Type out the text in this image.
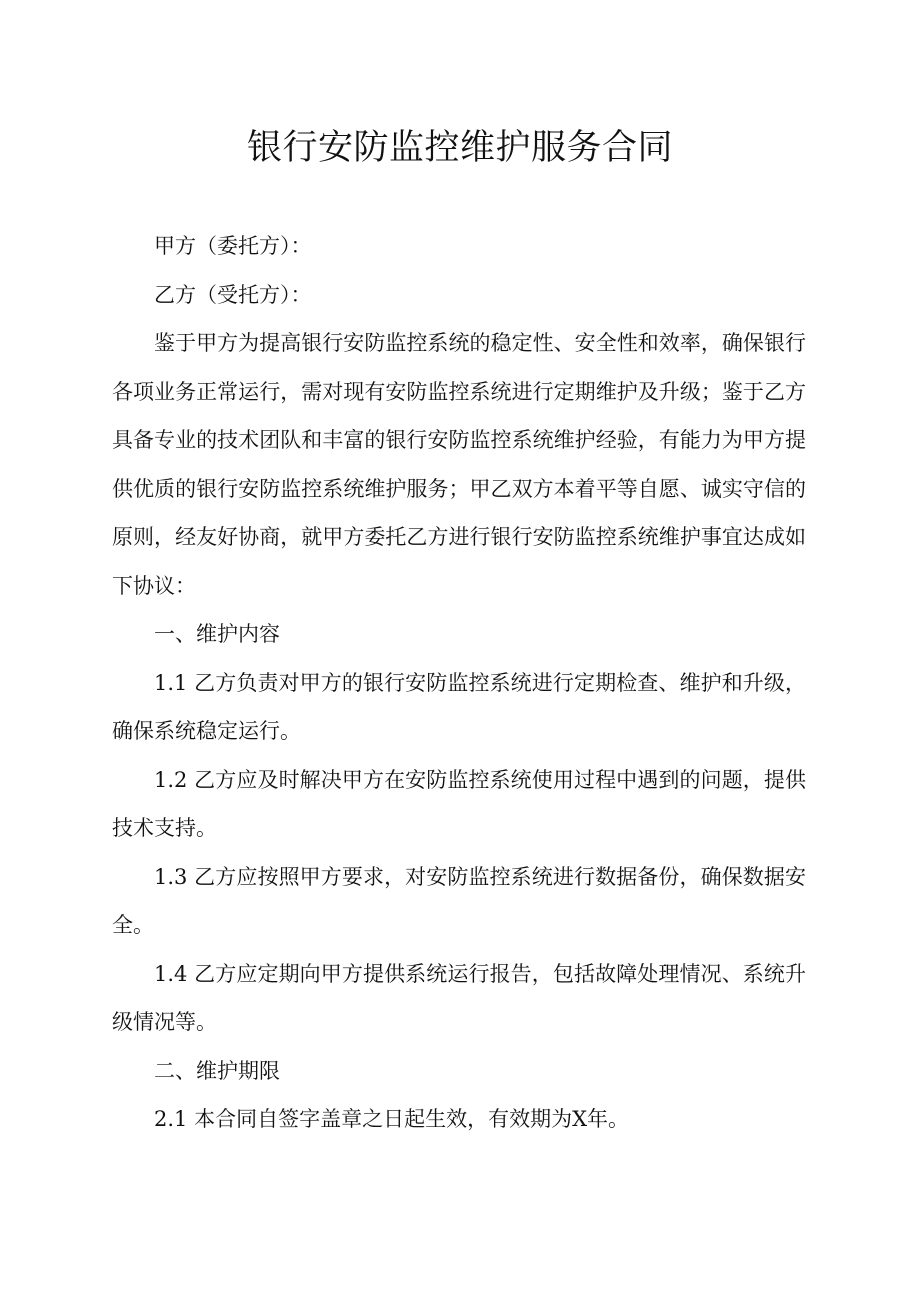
银行安防监控维护服务合同

甲方（委托方）：

乙方（受托方）：

鉴于甲方为提高银行安防监控系统的稳定性、安全性和效率，确保银行各项业务正常运行，需对现有安防监控系统进行定期维护及升级；鉴于乙方具备专业的技术团队和丰富的银行安防监控系统维护经验，有能力为甲方提供优质的银行安防监控系统维护服务；甲乙双方本着平等自愿、诚实守信的原则，经友好协商，就甲方委托乙方进行银行安防监控系统维护事宜达成如下协议：

一、维护内容

1.1 乙方负责对甲方的银行安防监控系统进行定期检查、维护和升级，确保系统稳定运行。

1.2 乙方应及时解决甲方在安防监控系统使用过程中遇到的问题，提供技术支持。

1.3 乙方应按照甲方要求，对安防监控系统进行数据备份，确保数据安全。

1.4 乙方应定期向甲方提供系统运行报告，包括故障处理情况、系统升级情况等。

二、维护期限

2.1 本合同自签字盖章之日起生效，有效期为X年。
